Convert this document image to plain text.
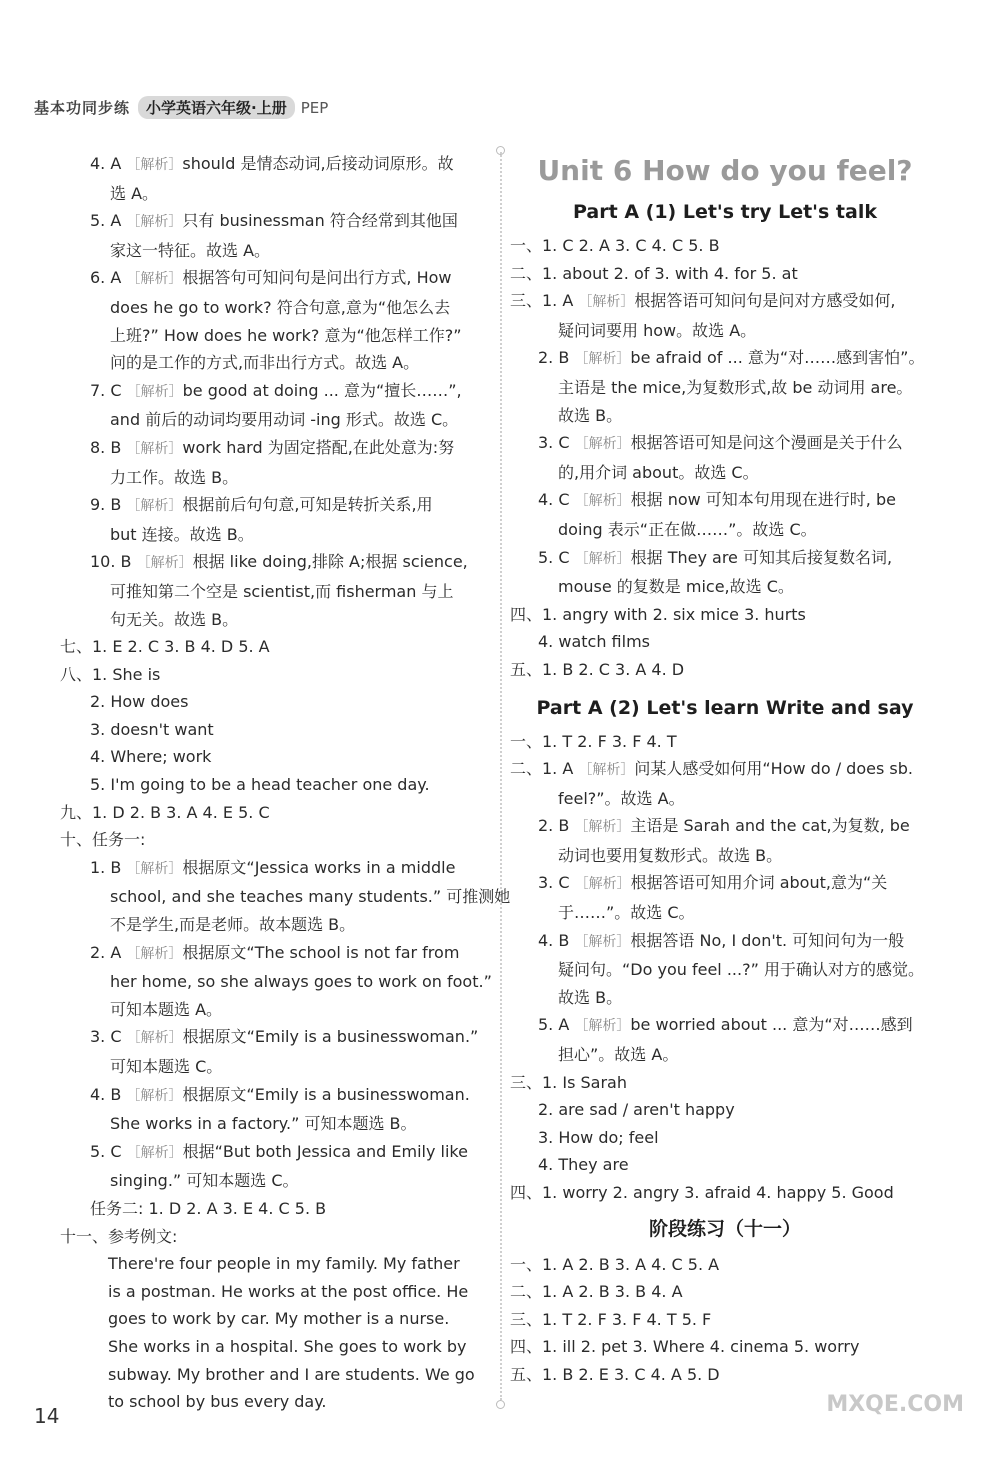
基本功同步练	小学英语六年级·上册 PEP
4. A ［解析］should 是情态动词,后接动词原形。故
选 A。
5. A ［解析］只有 businessman 符合经常到其他国
家这一特征。故选 A。
6. A ［解析］根据答句可知问句是问出行方式, How
does he go to work? 符合句意,意为“他怎么去
上班?” How does he work? 意为“他怎样工作?”
问的是工作的方式,而非出行方式。故选 A。
7. C ［解析］be good at doing ... 意为“擅长……”,
and 前后的动词均要用动词 -ing 形式。故选 C。
8. B ［解析］work hard 为固定搭配,在此处意为:努
力工作。故选 B。
9. B ［解析］根据前后句句意,可知是转折关系,用
but 连接。故选 B。
10. B ［解析］根据 like doing,排除 A;根据 science,
可推知第二个空是 scientist,而 fisherman 与上
句无关。故选 B。
七、1. E 2. C 3. B 4. D 5. A
八、1. She is
2. How does
3. doesn't want
4. Where; work
5. I'm going to be a head teacher one day.
九、1. D 2. B 3. A 4. E 5. C
十、任务一:
1. B ［解析］根据原文“Jessica works in a middle
school, and she teaches many students.” 可推测她
不是学生,而是老师。故本题选 B。
2. A ［解析］根据原文“The school is not far from
her home, so she always goes to work on foot.”
可知本题选 A。
3. C ［解析］根据原文“Emily is a businesswoman.”
可知本题选 C。
4. B ［解析］根据原文“Emily is a businesswoman.
She works in a factory.” 可知本题选 B。
5. C ［解析］根据“But both Jessica and Emily like
singing.” 可知本题选 C。
任务二: 1. D 2. A 3. E 4. C 5. B
十一、参考例文:
There're four people in my family. My father
is a postman. He works at the post office. He
goes to work by car. My mother is a nurse.
She works in a hospital. She goes to work by
subway. My brother and I are students. We go
to school by bus every day.
Unit 6 How do you feel?
Part A (1) Let's try Let's talk
一、1. C 2. A 3. C 4. C 5. B
二、1. about 2. of 3. with 4. for 5. at
三、1. A ［解析］根据答语可知问句是问对方感受如何,
疑问词要用 how。故选 A。
2. B ［解析］be afraid of ... 意为“对……感到害怕”。
主语是 the mice,为复数形式,故 be 动词用 are。
故选 B。
3. C ［解析］根据答语可知是问这个漫画是关于什么
的,用介词 about。故选 C。
4. C ［解析］根据 now 可知本句用现在进行时, be
doing 表示“正在做……”。故选 C。
5. C ［解析］根据 They are 可知其后接复数名词,
mouse 的复数是 mice,故选 C。
四、1. angry with 2. six mice 3. hurts
4. watch films
五、1. B 2. C 3. A 4. D
Part A (2) Let's learn Write and say
一、1. T 2. F 3. F 4. T
二、1. A ［解析］问某人感受如何用“How do / does sb.
feel?”。故选 A。
2. B ［解析］主语是 Sarah and the cat,为复数, be
动词也要用复数形式。故选 B。
3. C ［解析］根据答语可知用介词 about,意为“关
于……”。故选 C。
4. B ［解析］根据答语 No, I don't. 可知问句为一般
疑问句。“Do you feel ...?” 用于确认对方的感觉。
故选 B。
5. A ［解析］be worried about ... 意为“对……感到
担心”。故选 A。
三、1. Is Sarah
2. are sad / aren't happy
3. How do; feel
4. They are
四、1. worry 2. angry 3. afraid 4. happy 5. Good
阶段练习（十一）
一、1. A 2. B 3. A 4. C 5. A
二、1. A 2. B 3. B 4. A
三、1. T 2. F 3. F 4. T 5. F
四、1. ill 2. pet 3. Where 4. cinema 5. worry
五、1. B 2. E 3. C 4. A 5. D
14	MXQE.COM
